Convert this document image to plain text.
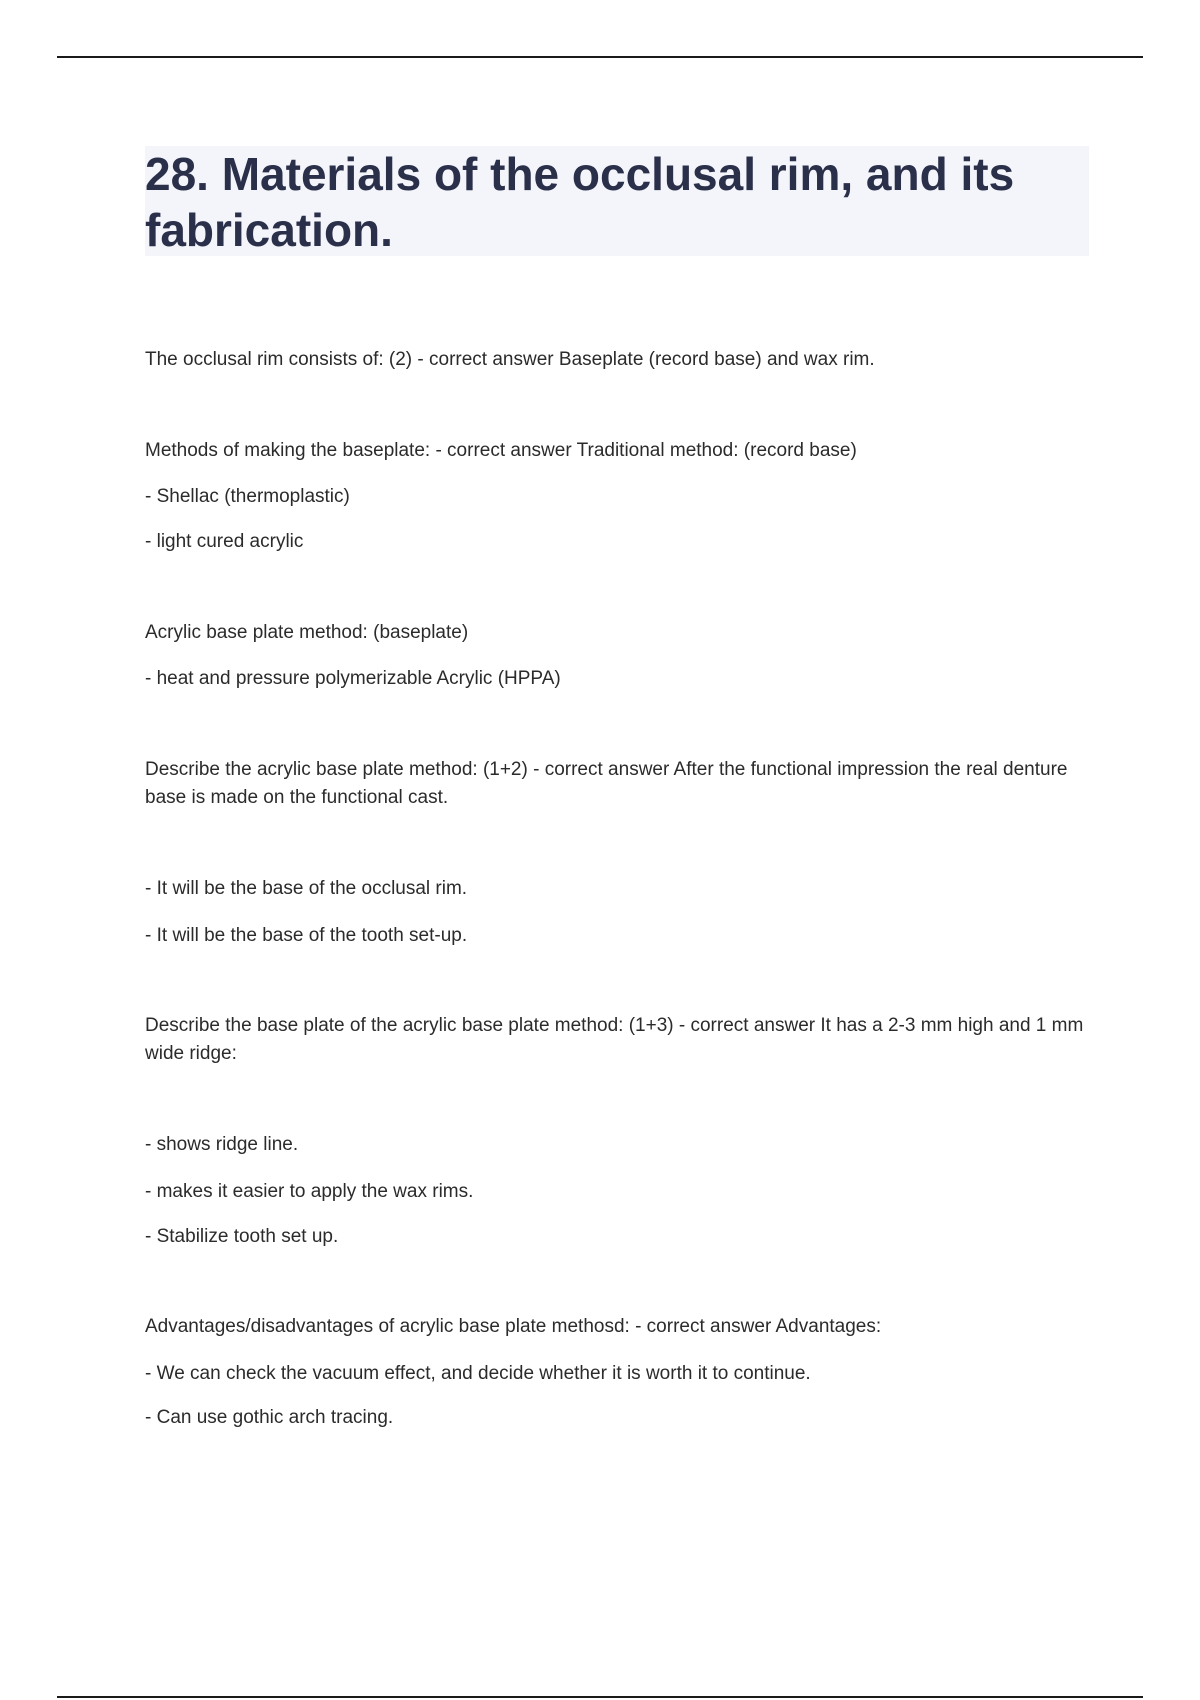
28. Materials of the occlusal rim, and its fabrication.

The occlusal rim consists of: (2) - correct answer Baseplate (record base) and wax rim.

Methods of making the baseplate: - correct answer Traditional method: (record base)

- Shellac (thermoplastic)

- light cured acrylic

Acrylic base plate method: (baseplate)

- heat and pressure polymerizable Acrylic (HPPA)

Describe the acrylic base plate method: (1+2) - correct answer After the functional impression the real denture base is made on the functional cast.

- It will be the base of the occlusal rim.

- It will be the base of the tooth set-up.

Describe the base plate of the acrylic base plate method: (1+3) - correct answer It has a 2-3 mm high and 1 mm wide ridge:

- shows ridge line.

- makes it easier to apply the wax rims.

- Stabilize tooth set up.

Advantages/disadvantages of acrylic base plate methosd: - correct answer Advantages:

- We can check the vacuum effect, and decide whether it is worth it to continue.

- Can use gothic arch tracing.
